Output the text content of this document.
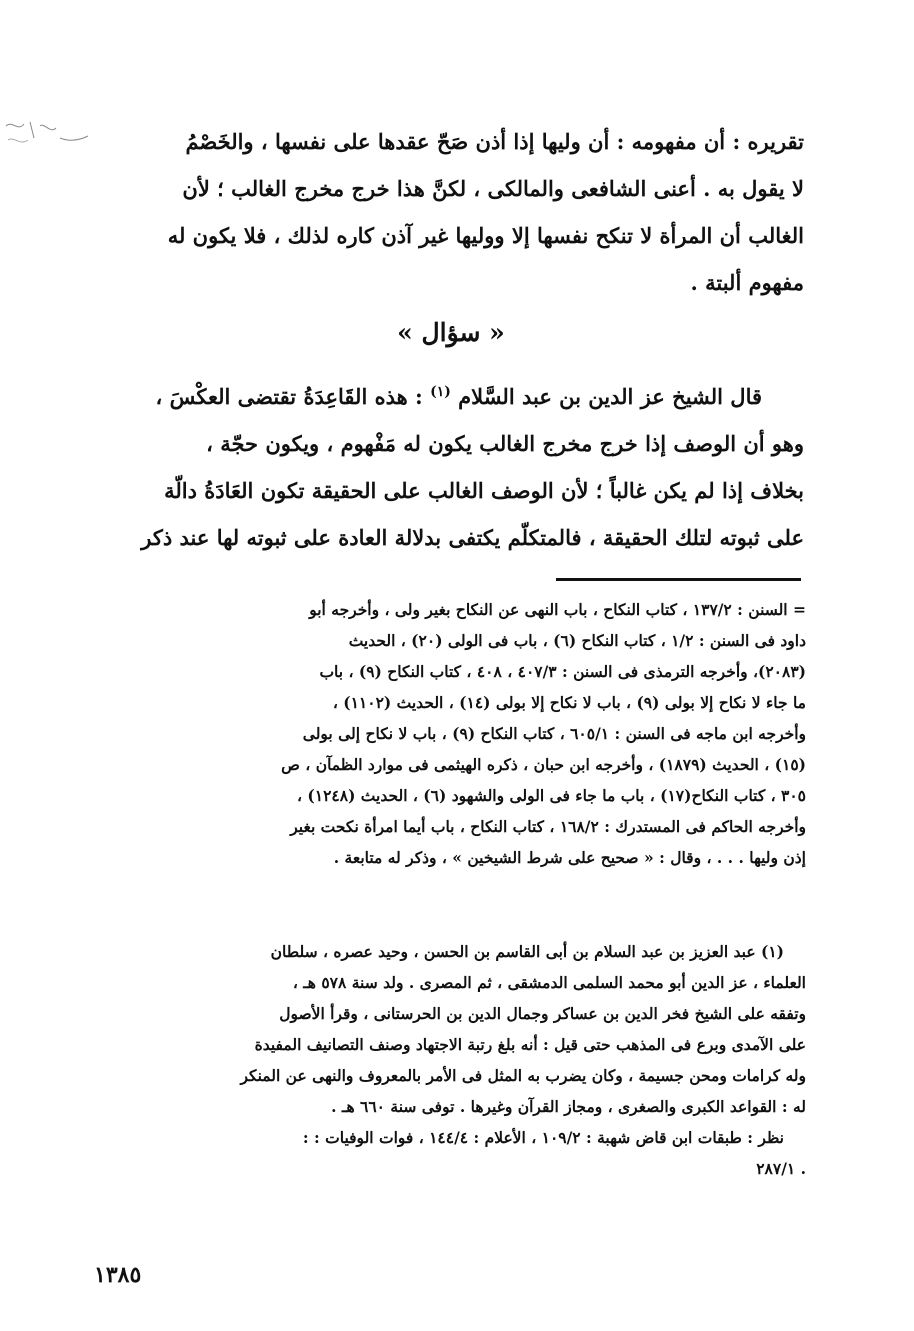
تقريره : أن مفهومه : أن وليها إذا أذن صَحّ عقدها على نفسها ، والخَصْمُ
لا يقول به . أعنى الشافعى والمالكى ، لكنَّ هذا خرج مخرج الغالب ؛ لأن
الغالب أن المرأة لا تنكح نفسها إلا ووليها غير آذن كاره لذلك ، فلا يكون له
مفهوم ألبتة .
« سؤال »
قال الشيخ عز الدين بن عبد السَّلام $^{(١)}$ : هذه القَاعِدَةُ تقتضى العكْسَ ،
وهو أن الوصف إذا خرج مخرج الغالب يكون له مَفْهوم ، ويكون حجّة ،
بخلاف إذا لم يكن غالباً ؛ لأن الوصف الغالب على الحقيقة تكون العَادَةُ دالّة
على ثبوته لتلك الحقيقة ، فالمتكلّم يكتفى بدلالة العادة على ثبوته لها عند ذكر
= السنن : ١٣٧/٢ ، كتاب النكاح ، باب النهى عن النكاح بغير ولى ، وأخرجه أبو
داود فى السنن : ١/٢ ، كتاب النكاح (٦) ، باب فى الولى (٢٠) ، الحديث
(٢٠٨٣)، وأخرجه الترمذى فى السنن : ٤٠٧/٣ ، ٤٠٨ ، كتاب النكاح (٩) ، باب
ما جاء لا نكاح إلا بولى (٩) ، باب لا نكاح إلا بولى (١٤) ، الحديث (١١٠٢) ،
وأخرجه ابن ماجه فى السنن : ٦٠٥/١ ، كتاب النكاح (٩) ، باب لا نكاح إلى بولى
(١٥) ، الحديث (١٨٧٩) ، وأخرجه ابن حبان ، ذكره الهيثمى فى موارد الظمآن ، ص
٣٠٥ ، كتاب النكاح(١٧) ، باب ما جاء فى الولى والشهود (٦) ، الحديث (١٢٤٨) ،
وأخرجه الحاكم فى المستدرك : ١٦٨/٢ ، كتاب النكاح ، باب أيما امرأة نكحت بغير
إذن وليها . . . ، وقال : « صحيح على شرط الشيخين » ، وذكر له متابعة .
(١) عبد العزيز بن عبد السلام بن أبى القاسم بن الحسن ، وحيد عصره ، سلطان
العلماء ، عز الدين أبو محمد السلمى الدمشقى ، ثم المصرى . ولد سنة ٥٧٨ هـ ،
وتفقه على الشيخ فخر الدين بن عساكر وجمال الدين بن الحرستانى ، وقرأ الأصول
على الآمدى وبرع فى المذهب حتى قيل : أنه بلغ رتبة الاجتهاد وصنف التصانيف المفيدة
وله كرامات ومحن جسيمة ، وكان يضرب به المثل فى الأمر بالمعروف والنهى عن المنكر
له : القواعد الكبرى والصغرى ، ومجاز القرآن وغيرها . توفى سنة ٦٦٠ هـ .
نظر : طبقات ابن قاض شهبة : ١٠٩/٢ ، الأعلام : ١٤٤/٤ ، فوات الوفيات : :
. ٢٨٧/١
١٣٨٥
